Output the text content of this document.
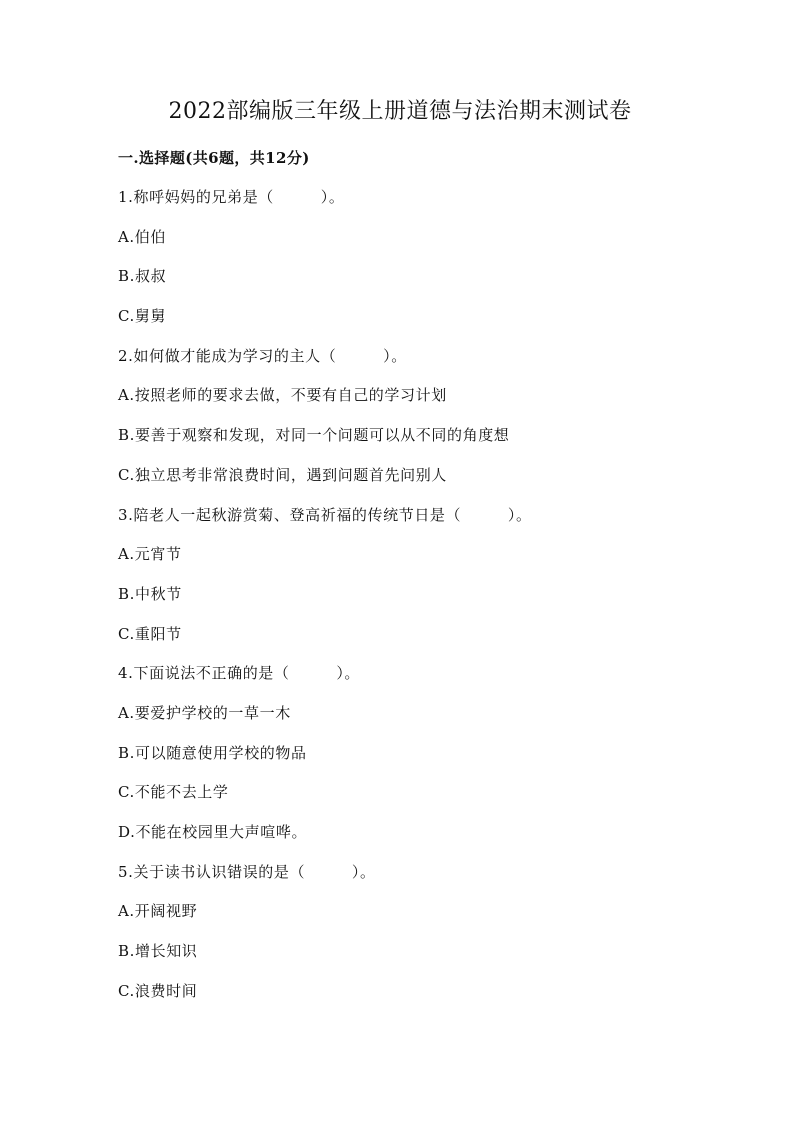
2022部编版三年级上册道德与法治期末测试卷
一.选择题(共6题，共12分)
1.称呼妈妈的兄弟是（　　　）。
A.伯伯
B.叔叔
C.舅舅
2.如何做才能成为学习的主人（　　　）。
A.按照老师的要求去做，不要有自己的学习计划
B.要善于观察和发现，对同一个问题可以从不同的角度想
C.独立思考非常浪费时间，遇到问题首先问别人
3.陪老人一起秋游赏菊、登高祈福的传统节日是（　　　）。
A.元宵节
B.中秋节
C.重阳节
4.下面说法不正确的是（　　　）。
A.要爱护学校的一草一木
B.可以随意使用学校的物品
C.不能不去上学
D.不能在校园里大声喧哗。
5.关于读书认识错误的是（　　　）。
A.开阔视野
B.增长知识
C.浪费时间
